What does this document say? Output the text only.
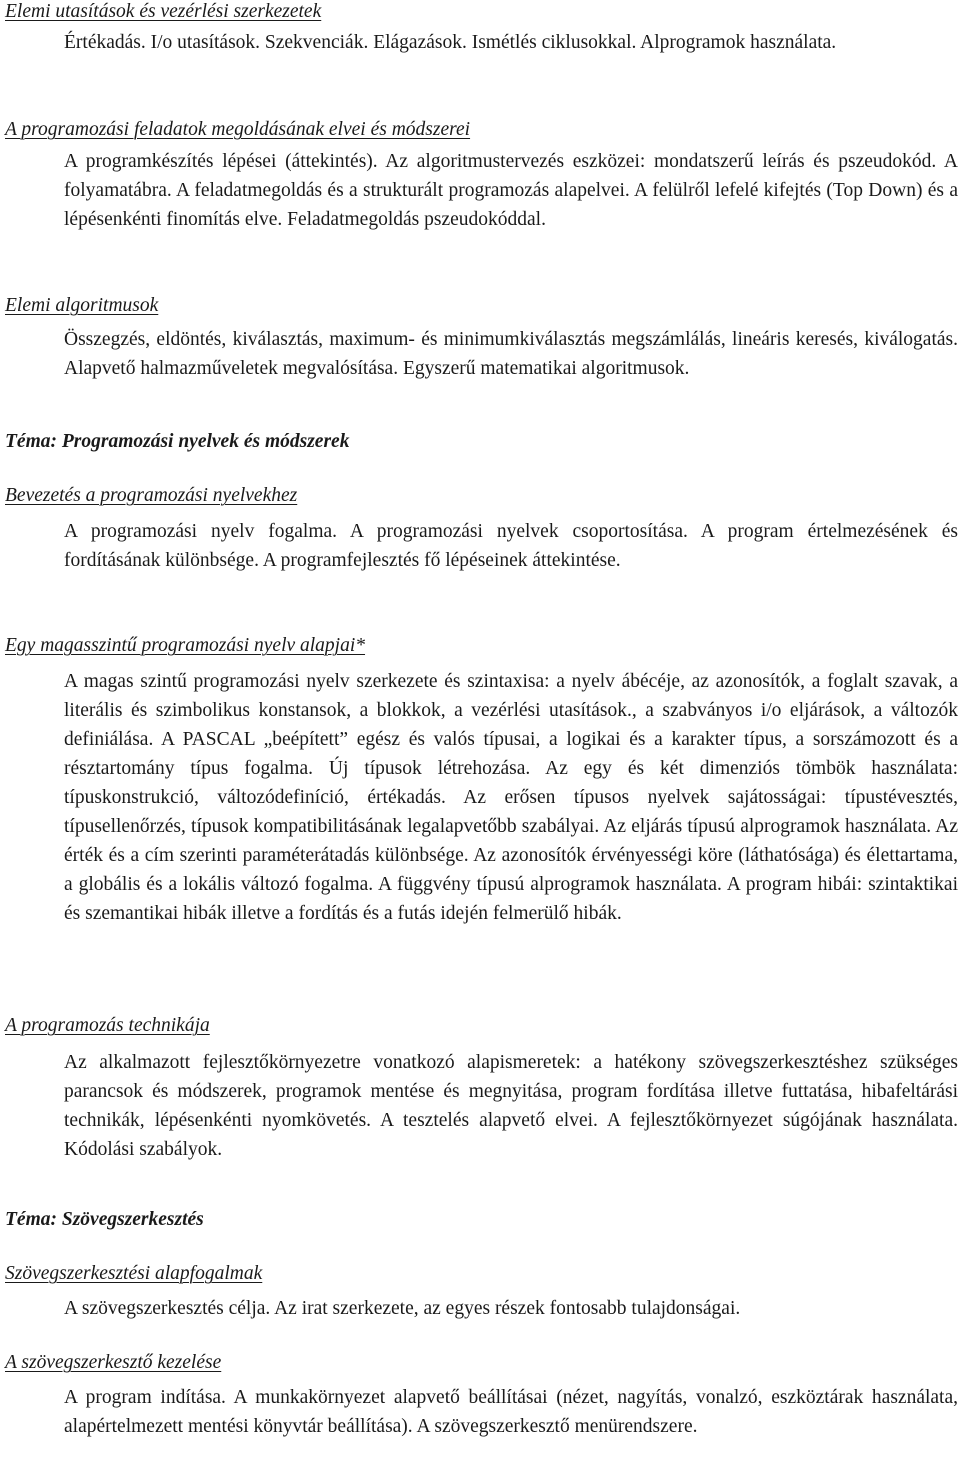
Elemi utasítások és vezérlési szerkezetek

Értékadás. I/o utasítások. Szekvenciák. Elágazások. Ismétlés ciklusokkal. Alprogramok használata.

A programozási feladatok megoldásának elvei és módszerei

A programkészítés lépései (áttekintés). Az algoritmustervezés eszközei: mondatszerű leírás és pszeudokód. A folyamatábra. A feladatmegoldás és a strukturált programozás alapelvei. A felülről lefelé kifejtés (Top Down) és a lépésenkénti finomítás elve. Feladatmegoldás pszeudokóddal.

Elemi algoritmusok

Összegzés, eldöntés, kiválasztás, maximum- és minimumkiválasztás megszámlálás, lineáris keresés, kiválogatás. Alapvető halmazműveletek megvalósítása. Egyszerű matematikai algoritmusok.

Téma: Programozási nyelvek és módszerek

Bevezetés a programozási nyelvekhez

A programozási nyelv fogalma. A programozási nyelvek csoportosítása. A program értelmezésének és fordításának különbsége. A programfejlesztés fő lépéseinek áttekintése.

Egy magasszintű programozási nyelv alapjai*

A magas szintű programozási nyelv szerkezete és szintaxisa: a nyelv ábécéje, az azonosítók, a foglalt szavak, a literális és szimbolikus konstansok, a blokkok, a vezérlési utasítások., a szabványos i/o eljárások, a változók definiálása. A PASCAL „beépített” egész és valós típusai, a logikai és a karakter típus, a sorszámozott és a résztartomány típus fogalma. Új típusok létrehozása. Az egy és két dimenziós tömbök használata: típuskonstrukció, változódefiníció, értékadás. Az erősen típusos nyelvek sajátosságai: típustévesztés, típusellenőrzés, típusok kompatibilitásának legalapvetőbb szabályai. Az eljárás típusú alprogramok használata. Az érték és a cím szerinti paraméterátadás különbsége. Az azonosítók érvényességi köre (láthatósága) és élettartama, a globális és a lokális változó fogalma. A függvény típusú alprogramok használata. A program hibái: szintaktikai és szemantikai hibák illetve a fordítás és a futás idején felmerülő hibák.

A programozás technikája

Az alkalmazott fejlesztőkörnyezetre vonatkozó alapismeretek: a hatékony szövegszerkesztéshez szükséges parancsok és módszerek, programok mentése és megnyitása, program fordítása illetve futtatása, hibafeltárási technikák, lépésenkénti nyomkövetés. A tesztelés alapvető elvei. A fejlesztőkörnyezet súgójának használata. Kódolási szabályok.

Téma: Szövegszerkesztés

Szövegszerkesztési alapfogalmak

A szövegszerkesztés célja. Az irat szerkezete, az egyes részek fontosabb tulajdonságai.

A szövegszerkesztő kezelése

A program indítása. A munkakörnyezet alapvető beállításai (nézet, nagyítás, vonalzó, eszköztárak használata, alapértelmezett mentési könyvtár beállítása). A szövegszerkesztő menürendszere.
